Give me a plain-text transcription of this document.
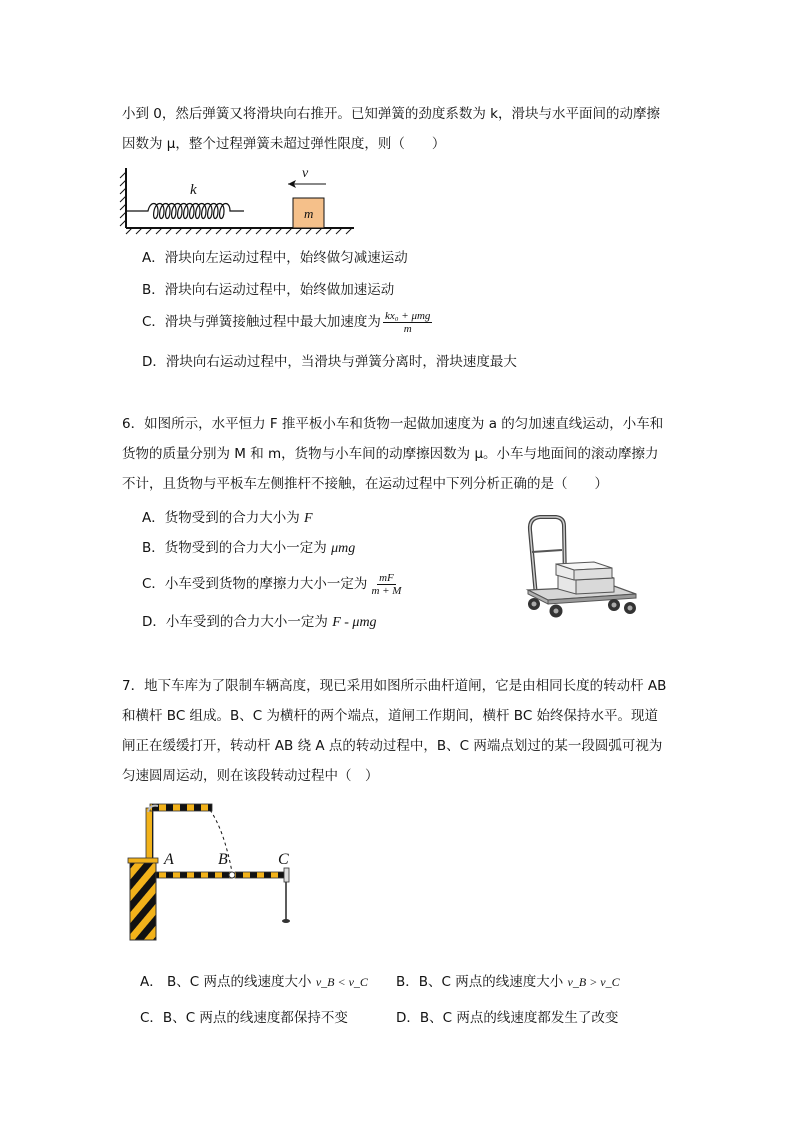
小到 0，然后弹簧又将滑块向右推开。已知弹簧的劲度系数为 k，滑块与水平面间的动摩擦
因数为 μ，整个过程弹簧未超过弹性限度，则（　　）
k
m
v
A．滑块向左运动过程中，始终做匀减速运动
B．滑块向右运动过程中，始终做加速运动
C．滑块与弹簧接触过程中最大加速度为 $\frac{\text{kx₀ + μmg}}{m}$
D．滑块向右运动过程中，当滑块与弹簧分离时，滑块速度最大
6．如图所示，水平恒力 F 推平板小车和货物一起做加速度为 a 的匀加速直线运动，小车和
货物的质量分别为 M 和 m，货物与小车间的动摩擦因数为 μ。小车与地面间的滚动摩擦力
不计，且货物与平板车左侧推杆不接触，在运动过程中下列分析正确的是（　　）
A．货物受到的合力大小为 F
B．货物受到的合力大小一定为 μmg
C．小车受到货物的摩擦力大小一定为 $\frac{mF}{m + M}$
D．小车受到的合力大小一定为 F - μmg
7．地下车库为了限制车辆高度，现已采用如图所示曲杆道闸，它是由相同长度的转动杆 AB
和横杆 BC 组成。B、C 为横杆的两个端点，道闸工作期间，横杆 BC 始终保持水平。现道
闸正在缓缓打开，转动杆 AB 绕 A 点的转动过程中，B、C 两端点划过的某一段圆弧可视为
匀速圆周运动，则在该段转动过程中（　）
A	B	C
A． B、C 两点的线速度大小 v_B < v_C B．B、C 两点的线速度大小 v_B > v_C
C．B、C 两点的线速度都保持不变	D．B、C 两点的线速度都发生了改变
